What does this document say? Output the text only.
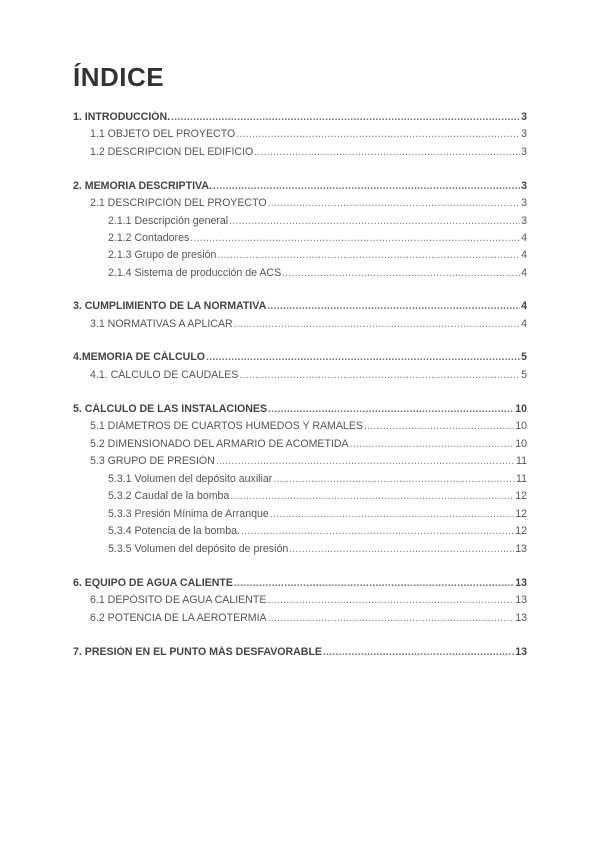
ÍNDICE
1. INTRODUCCIÓN. .....	3
1.1 OBJETO DEL PROYECTO .....	3
1.2 DESCRIPCIÓN DEL EDIFICIO .....	3
2. MEMORIA DESCRIPTIVA. .....	3
2.1 DESCRIPCIÓN DEL PROYECTO .....	3
2.1.1 Descripción general .....	3
2.1.2 Contadores .....	4
2.1.3 Grupo de presión .....	4
2.1.4 Sistema de producción de ACS .....	4
3. CUMPLIMIENTO DE LA NORMATIVA .....	4
3.1 NORMATIVAS A APLICAR .....	4
4.MEMORIA DE CÁLCULO .....	5
4.1. CÁLCULO DE CAUDALES .....	5
5. CÁLCULO DE LAS INSTALACIONES .....	10
5.1 DIÁMETROS DE CUARTOS HÚMEDOS Y RAMALES .....	10
5.2 DIMENSIONADO DEL ARMARIO DE ACOMETIDA .....	10
5.3 GRUPO DE PRESIÓN .....	11
5.3.1 Volumen del depósito auxiliar .....	11
5.3.2 Caudal de la bomba .....	12
5.3.3 Presión Mínima de Arranque .....	12
5.3.4 Potencia de la bomba. .....	12
5.3.5 Volumen del depósito de presión .....	13
6. EQUIPO DE AGUA CALIENTE .....	13
6.1 DEPÓSITO DE AGUA CALIENTE .....	13
6.2 POTENCIA DE LA AEROTERMIA .....	13
7. PRESIÓN EN EL PUNTO MÁS DESFAVORABLE .....	13
